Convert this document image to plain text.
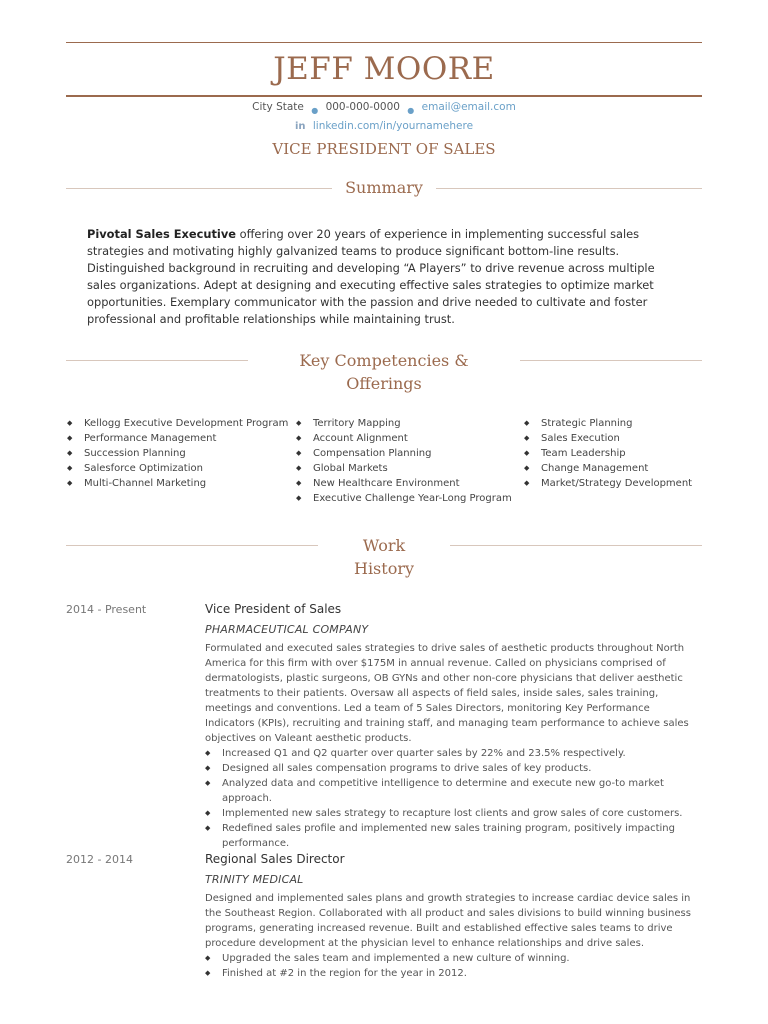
JEFF MOORE
City State $_●$ 000-000-0000 $_●$ email@email.com
in linkedin.com/in/yournamehere
VICE PRESIDENT OF SALES
Summary
Pivotal Sales Executive offering over 20 years of experience in implementing successful sales strategies and motivating highly galvanized teams to produce significant bottom-line results. Distinguished background in recruiting and developing “A Players” to drive revenue across multiple sales organizations. Adept at designing and executing effective sales strategies to optimize market opportunities. Exemplary communicator with the passion and drive needed to cultivate and foster professional and profitable relationships while maintaining trust.
Key Competencies &
Offerings
◆ Kellogg Executive Development Program
◆ Performance Management
◆ Succession Planning
◆ Salesforce Optimization
◆ Multi-Channel Marketing
◆ Territory Mapping
◆ Account Alignment
◆ Compensation Planning
◆ Global Markets
◆ New Healthcare Environment
◆ Executive Challenge Year-Long Program
◆ Strategic Planning
◆ Sales Execution
◆ Team Leadership
◆ Change Management
◆ Market/Strategy Development
Work
History
2014 - Present	Vice President of Sales
PHARMACEUTICAL COMPANY
Formulated and executed sales strategies to drive sales of aesthetic products throughout North America for this firm with over $175M in annual revenue. Called on physicians comprised of dermatologists, plastic surgeons, OB GYNs and other non-core physicians that deliver aesthetic treatments to their patients. Oversaw all aspects of field sales, inside sales, sales training, meetings and conventions. Led a team of 5 Sales Directors, monitoring Key Performance Indicators (KPIs), recruiting and training staff, and managing team performance to achieve sales objectives on Valeant aesthetic products.
◆ Increased Q1 and Q2 quarter over quarter sales by 22% and 23.5% respectively.
◆ Designed all sales compensation programs to drive sales of key products.
◆ Analyzed data and competitive intelligence to determine and execute new go-to market approach.
◆ Implemented new sales strategy to recapture lost clients and grow sales of core customers.
◆ Redefined sales profile and implemented new sales training program, positively impacting performance.
2012 - 2014	Regional Sales Director
TRINITY MEDICAL
Designed and implemented sales plans and growth strategies to increase cardiac device sales in the Southeast Region. Collaborated with all product and sales divisions to build winning business programs, generating increased revenue. Built and established effective sales teams to drive procedure development at the physician level to enhance relationships and drive sales.
◆ Upgraded the sales team and implemented a new culture of winning.
◆ Finished at #2 in the region for the year in 2012.
